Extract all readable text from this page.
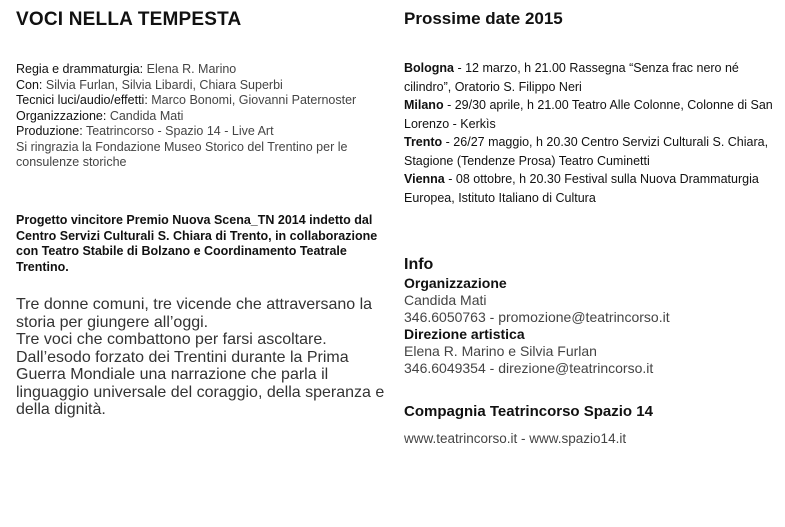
VOCI NELLA TEMPESTA

Regia e drammaturgia: Elena R. Marino

Con: Silvia Furlan, Silvia Libardi, Chiara Superbi

Tecnici luci/audio/effetti: Marco Bonomi, Giovanni Paternoster

Organizzazione: Candida Mati

Produzione: Teatrincorso - Spazio 14 - Live Art

Si ringrazia la Fondazione Museo Storico del Trentino per le consulenze storiche

Progetto vincitore Premio Nuova Scena_TN 2014 indetto dal Centro Servizi Culturali S. Chiara di Trento, in collaborazione con Teatro Stabile di Bolzano e Coordinamento Teatrale Trentino.

Tre donne comuni, tre vicende che attraversano la storia per giungere all’oggi.

Tre voci che combattono per farsi ascoltare. Dall’esodo forzato dei Trentini durante la Prima Guerra Mondiale una narrazione che parla il linguaggio universale del coraggio, della speranza e della dignità.

Prossime date 2015

Bologna - 12 marzo, h 21.00 Rassegna “Senza frac nero né cilindro”, Oratorio S. Filippo Neri

Milano - 29/30 aprile, h 21.00 Teatro Alle Colonne, Colonne di San Lorenzo - Kerkìs

Trento - 26/27 maggio, h 20.30 Centro Servizi Culturali S. Chiara, Stagione (Tendenze Prosa) Teatro Cuminetti

Vienna - 08 ottobre, h 20.30 Festival sulla Nuova Drammaturgia Europea, Istituto Italiano di Cultura

Info

Organizzazione

Candida Mati

346.6050763 - promozione@teatrincorso.it

Direzione artistica

Elena R. Marino e Silvia Furlan

346.6049354 - direzione@teatrincorso.it

Compagnia Teatrincorso Spazio 14
www.teatrincorso.it - www.spazio14.it
